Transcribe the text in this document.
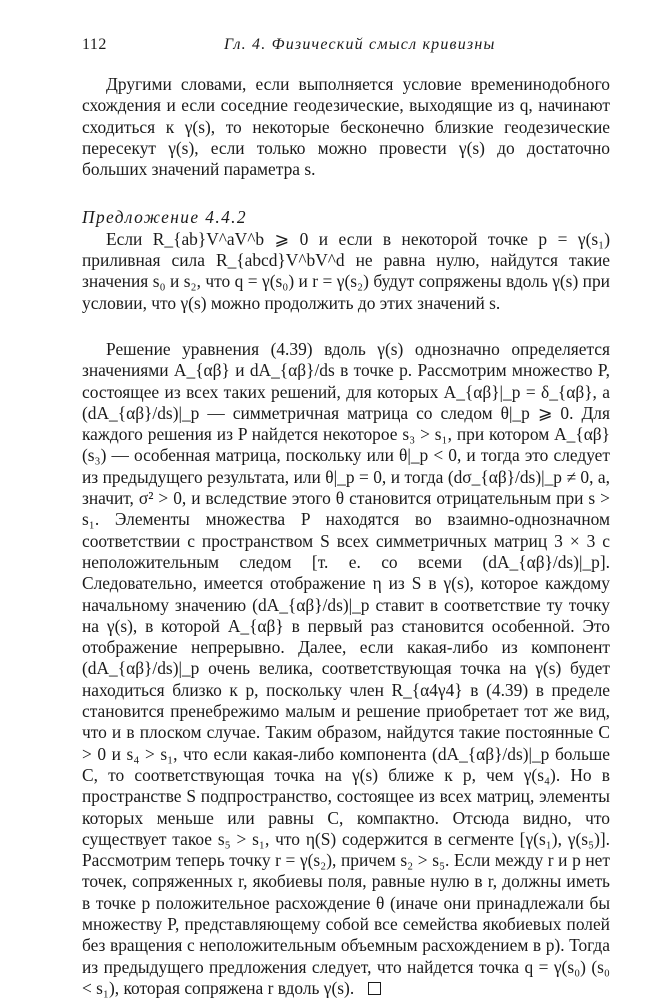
112	Гл. 4. Физический смысл кривизны

Другими словами, если выполняется условие временинодобного схождения и если соседние геодезические, выходящие из q, начинают сходиться к γ(s), то некоторые бесконечно близкие геодезические пересекут γ(s), если только можно провести γ(s) до достаточно больших значений параметра s.

Предложение 4.4.2

Если R_{ab}V^aV^b ⩾ 0 и если в некоторой точке p = γ(s₁) приливная сила R_{abcd}V^bV^d не равна нулю, найдутся такие значения s₀ и s₂, что q = γ(s₀) и r = γ(s₂) будут сопряжены вдоль γ(s) при условии, что γ(s) можно продолжить до этих значений s.

Решение уравнения (4.39) вдоль γ(s) однозначно определяется значениями A_{αβ} и dA_{αβ}/ds в точке p. Рассмотрим множество P, состоящее из всех таких решений, для которых A_{αβ}|_p = δ_{αβ}, а (dA_{αβ}/ds)|_p — симметричная матрица со следом θ|_p ⩾ 0. Для каждого решения из P найдется некоторое s₃ > s₁, при котором A_{αβ}(s₃) — особенная матрица, поскольку или θ|_p < 0, и тогда это следует из предыдущего результата, или θ|_p = 0, и тогда (dσ_{αβ}/ds)|_p ≠ 0, а, значит, σ² > 0, и вследствие этого θ становится отрицательным при s > s₁. Элементы множества P находятся во взаимно-однозначном соответствии с пространством S всех симметричных матриц 3 × 3 с неположительным следом [т. е. со всеми (dA_{αβ}/ds)|_p]. Следовательно, имеется отображение η из S в γ(s), которое каждому начальному значению (dA_{αβ}/ds)|_p ставит в соответствие ту точку на γ(s), в которой A_{αβ} в первый раз становится особенной. Это отображение непрерывно. Далее, если какая-либо из компонент (dA_{αβ}/ds)|_p очень велика, соответствующая точка на γ(s) будет находиться близко к p, поскольку член R_{α4γ4} в (4.39) в пределе становится пренебрежимо малым и решение приобретает тот же вид, что и в плоском случае. Таким образом, найдутся такие постоянные C > 0 и s₄ > s₁, что если какая-либо компонента (dA_{αβ}/ds)|_p больше C, то соответствующая точка на γ(s) ближе к p, чем γ(s₄). Но в пространстве S подпространство, состоящее из всех матриц, элементы которых меньше или равны C, компактно. Отсюда видно, что существует такое s₅ > s₁, что η(S) содержится в сегменте [γ(s₁), γ(s₅)]. Рассмотрим теперь точку r = γ(s₂), причем s₂ > s₅. Если между r и p нет точек, сопряженных r, якобиевы поля, равные нулю в r, должны иметь в точке p положительное расхождение θ (иначе они принадлежали бы множеству P, представляющему собой все семейства якобиевых полей без вращения с неположительным объемным расхождением в p). Тогда из предыдущего предложения следует, что найдется точка q = γ(s₀) (s₀ < s₁), которая сопряжена r вдоль γ(s).
